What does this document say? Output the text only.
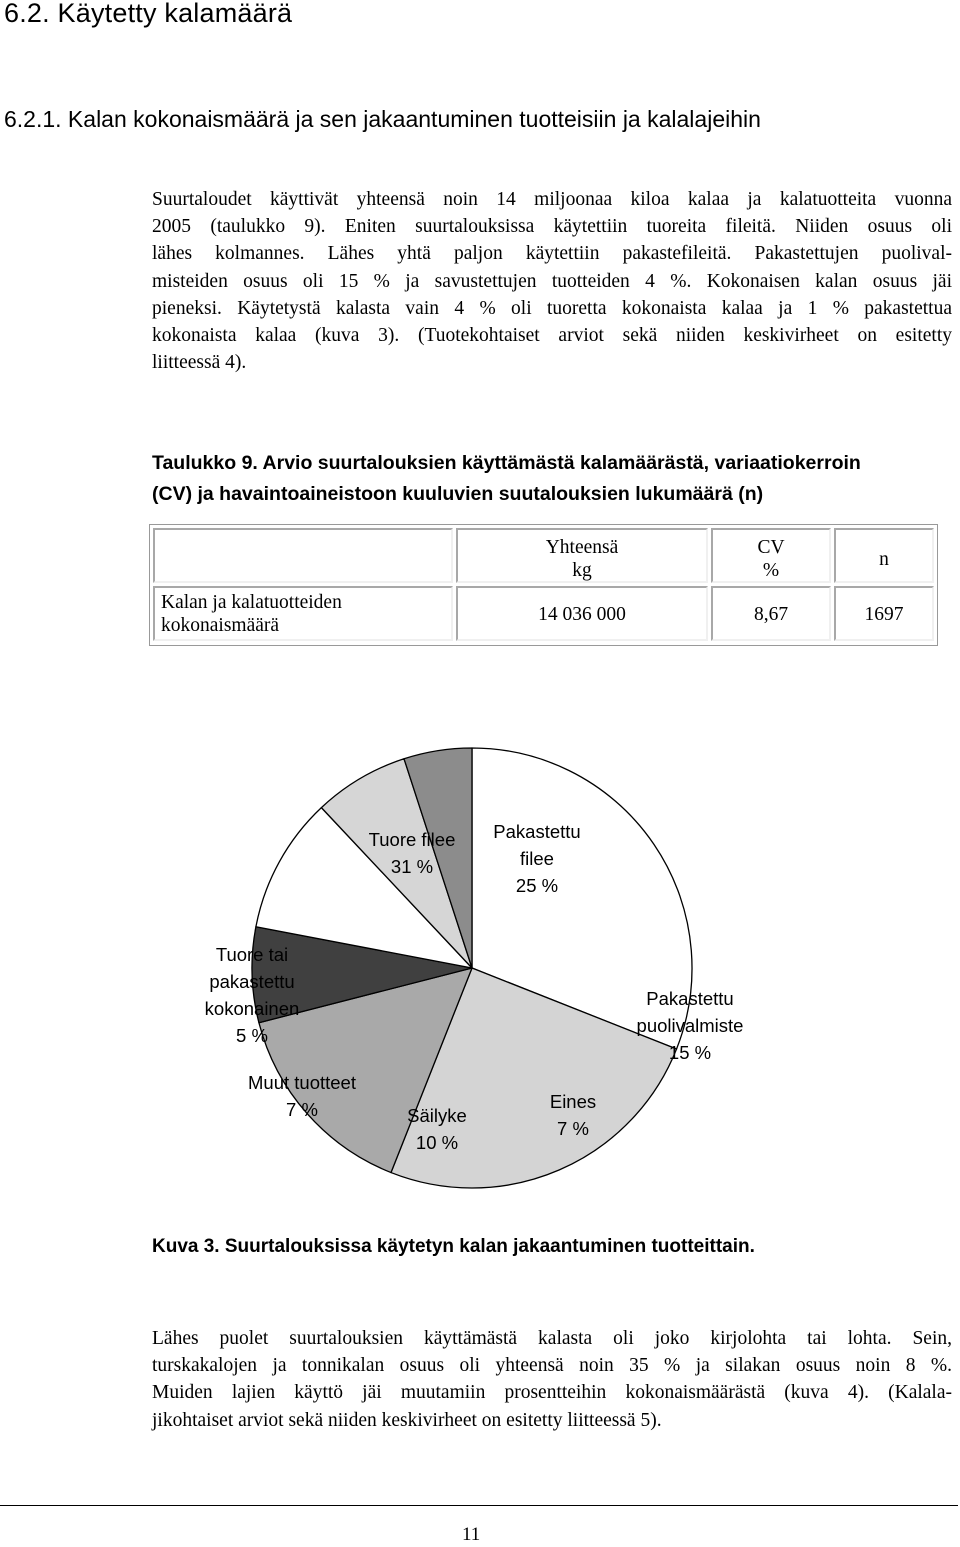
6.2. Käytetty kalamäärä
6.2.1. Kalan kokonaismäärä ja sen jakaantuminen tuotteisiin ja kalalajeihin
Suurtaloudet käyttivät yhteensä noin 14 miljoonaa kiloa kalaa ja kalatuotteita vuonna
2005 (taulukko 9). Eniten suurtalouksissa käytettiin tuoreita fileitä. Niiden osuus oli
lähes kolmannes. Lähes yhtä paljon käytettiin pakastefileitä. Pakastettujen puolival-
misteiden osuus oli 15 % ja savustettujen tuotteiden 4 %. Kokonaisen kalan osuus jäi
pieneksi. Käytetystä kalasta vain 4 % oli tuoretta kokonaista kalaa ja 1 % pakastettua
kokonaista kalaa (kuva 3). (Tuotekohtaiset arviot sekä niiden keskivirheet on esitetty
liitteessä 4).
Taulukko 9. Arvio suurtalouksien käyttämästä kalamäärästä, variaatiokerroin
(CV) ja havaintoaineistoon kuuluvien suutalouksien lukumäärä (n)
Yhteensä
kg
CV
%
n
Kalan ja kalatuotteiden
kokonaismäärä
14 036 000	8,67	1697
Tuore filee
31 %
Pakastettu
filee
25 %
Pakastettu
puolivalmiste
15 %
Eines
7 %
Säilyke
10 %
Muut tuotteet
7 %
Tuore tai
pakastettu
kokonainen
5 %
Kuva 3. Suurtalouksissa käytetyn kalan jakaantuminen tuotteittain.
Lähes puolet suurtalouksien käyttämästä kalasta oli joko kirjolohta tai lohta. Sein,
turskakalojen ja tonnikalan osuus oli yhteensä noin 35 % ja silakan osuus noin 8 %.
Muiden lajien käyttö jäi muutamiin prosentteihin kokonaismäärästä (kuva 4). (Kalala-
jikohtaiset arviot sekä niiden keskivirheet on esitetty liitteessä 5).
11
